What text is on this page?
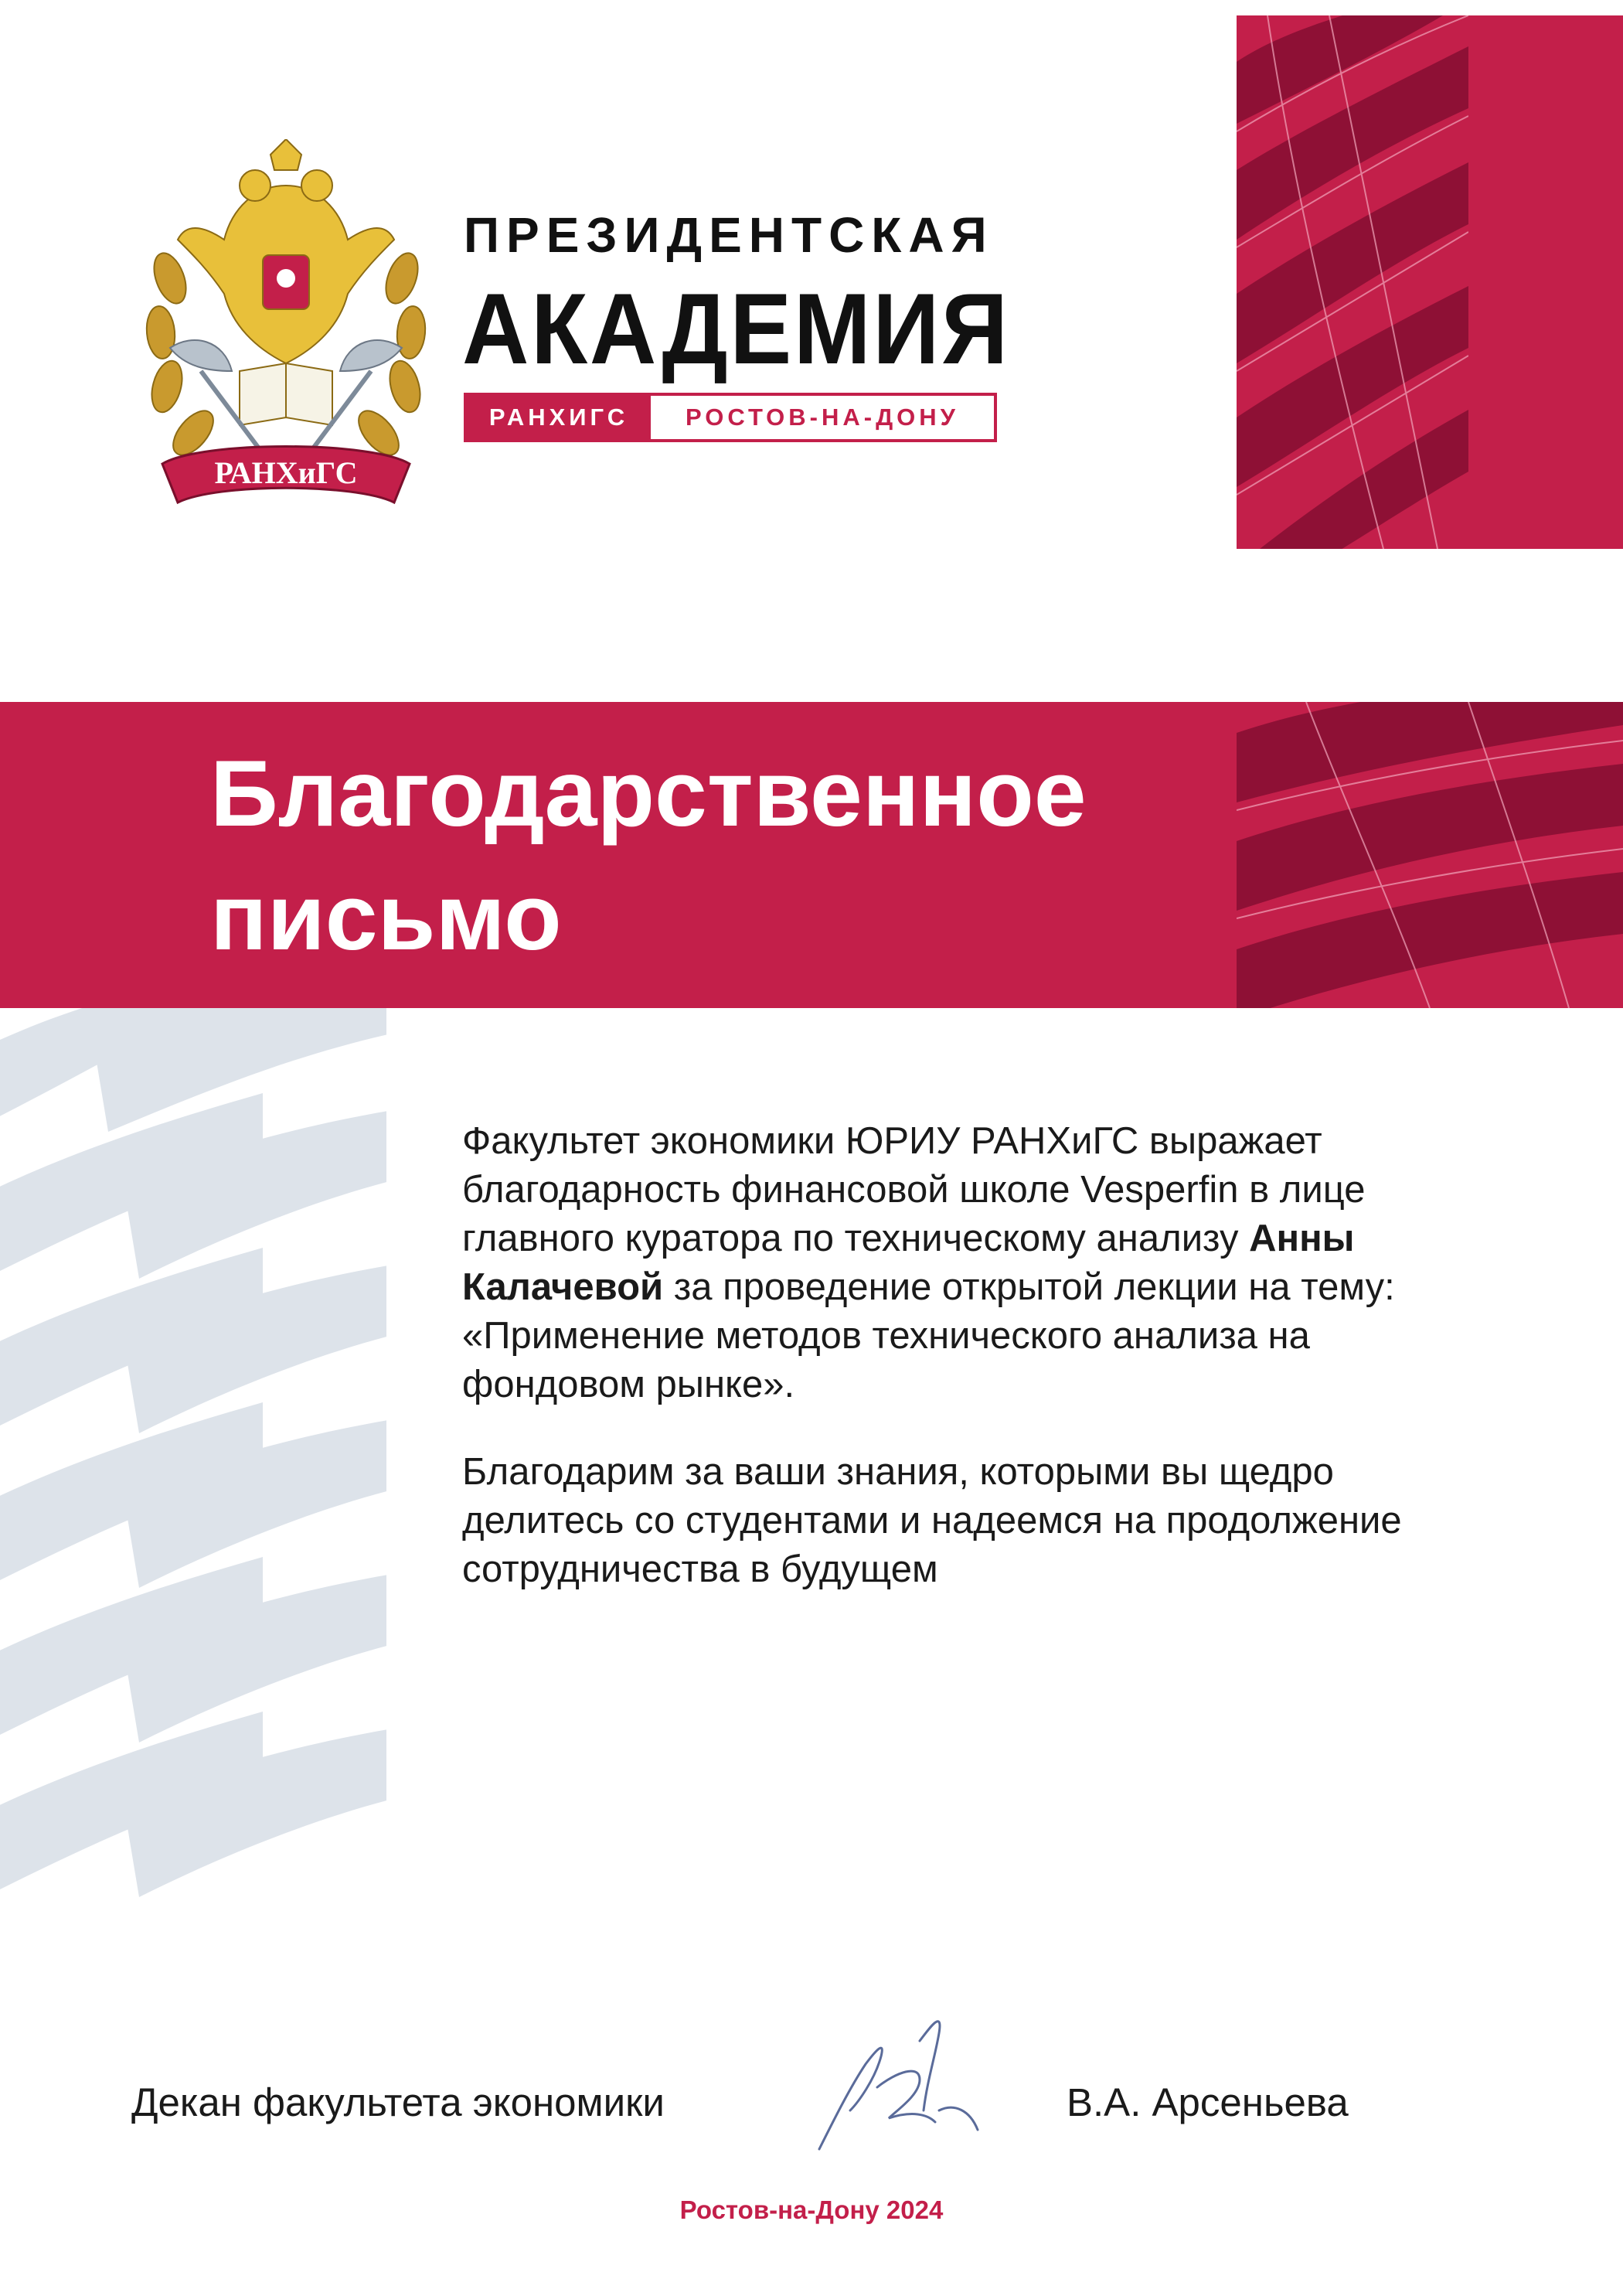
РАНХиГС
ПРЕЗИДЕНТСКАЯ
АКАДЕМИЯ
РАНХИГС	РОСТОВ-НА-ДОНУ
Благодарственное
письмо

Факультет экономики ЮРИУ РАНХиГС выражает благодарность финансовой школе Vesperfin в лице главного куратора по техническому анализу Анны Калачевой за проведение открытой лекции на тему: «Применение методов технического анализа на фондовом рынке».

Благодарим за ваши знания, которыми вы щедро делитесь со студентами и надеемся на продолжение сотрудничества в будущем

Декан факультета экономики	В.А. Арсеньева
Ростов-на-Дону 2024
